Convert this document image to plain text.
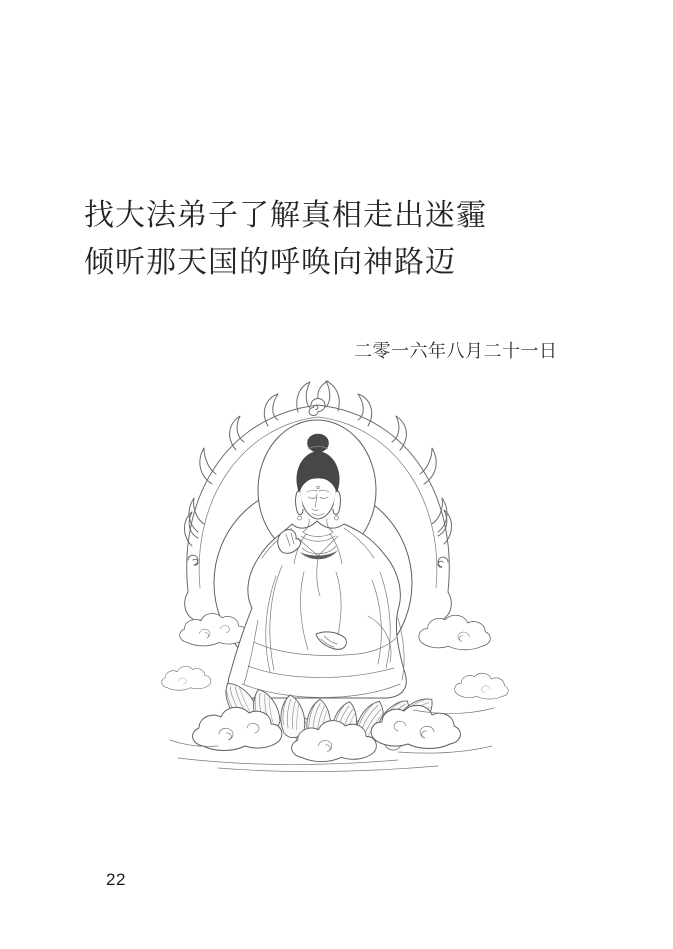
找大法弟子了解真相走出迷霾
倾听那天国的呼唤向神路迈
二零一六年八月二十一日
22
